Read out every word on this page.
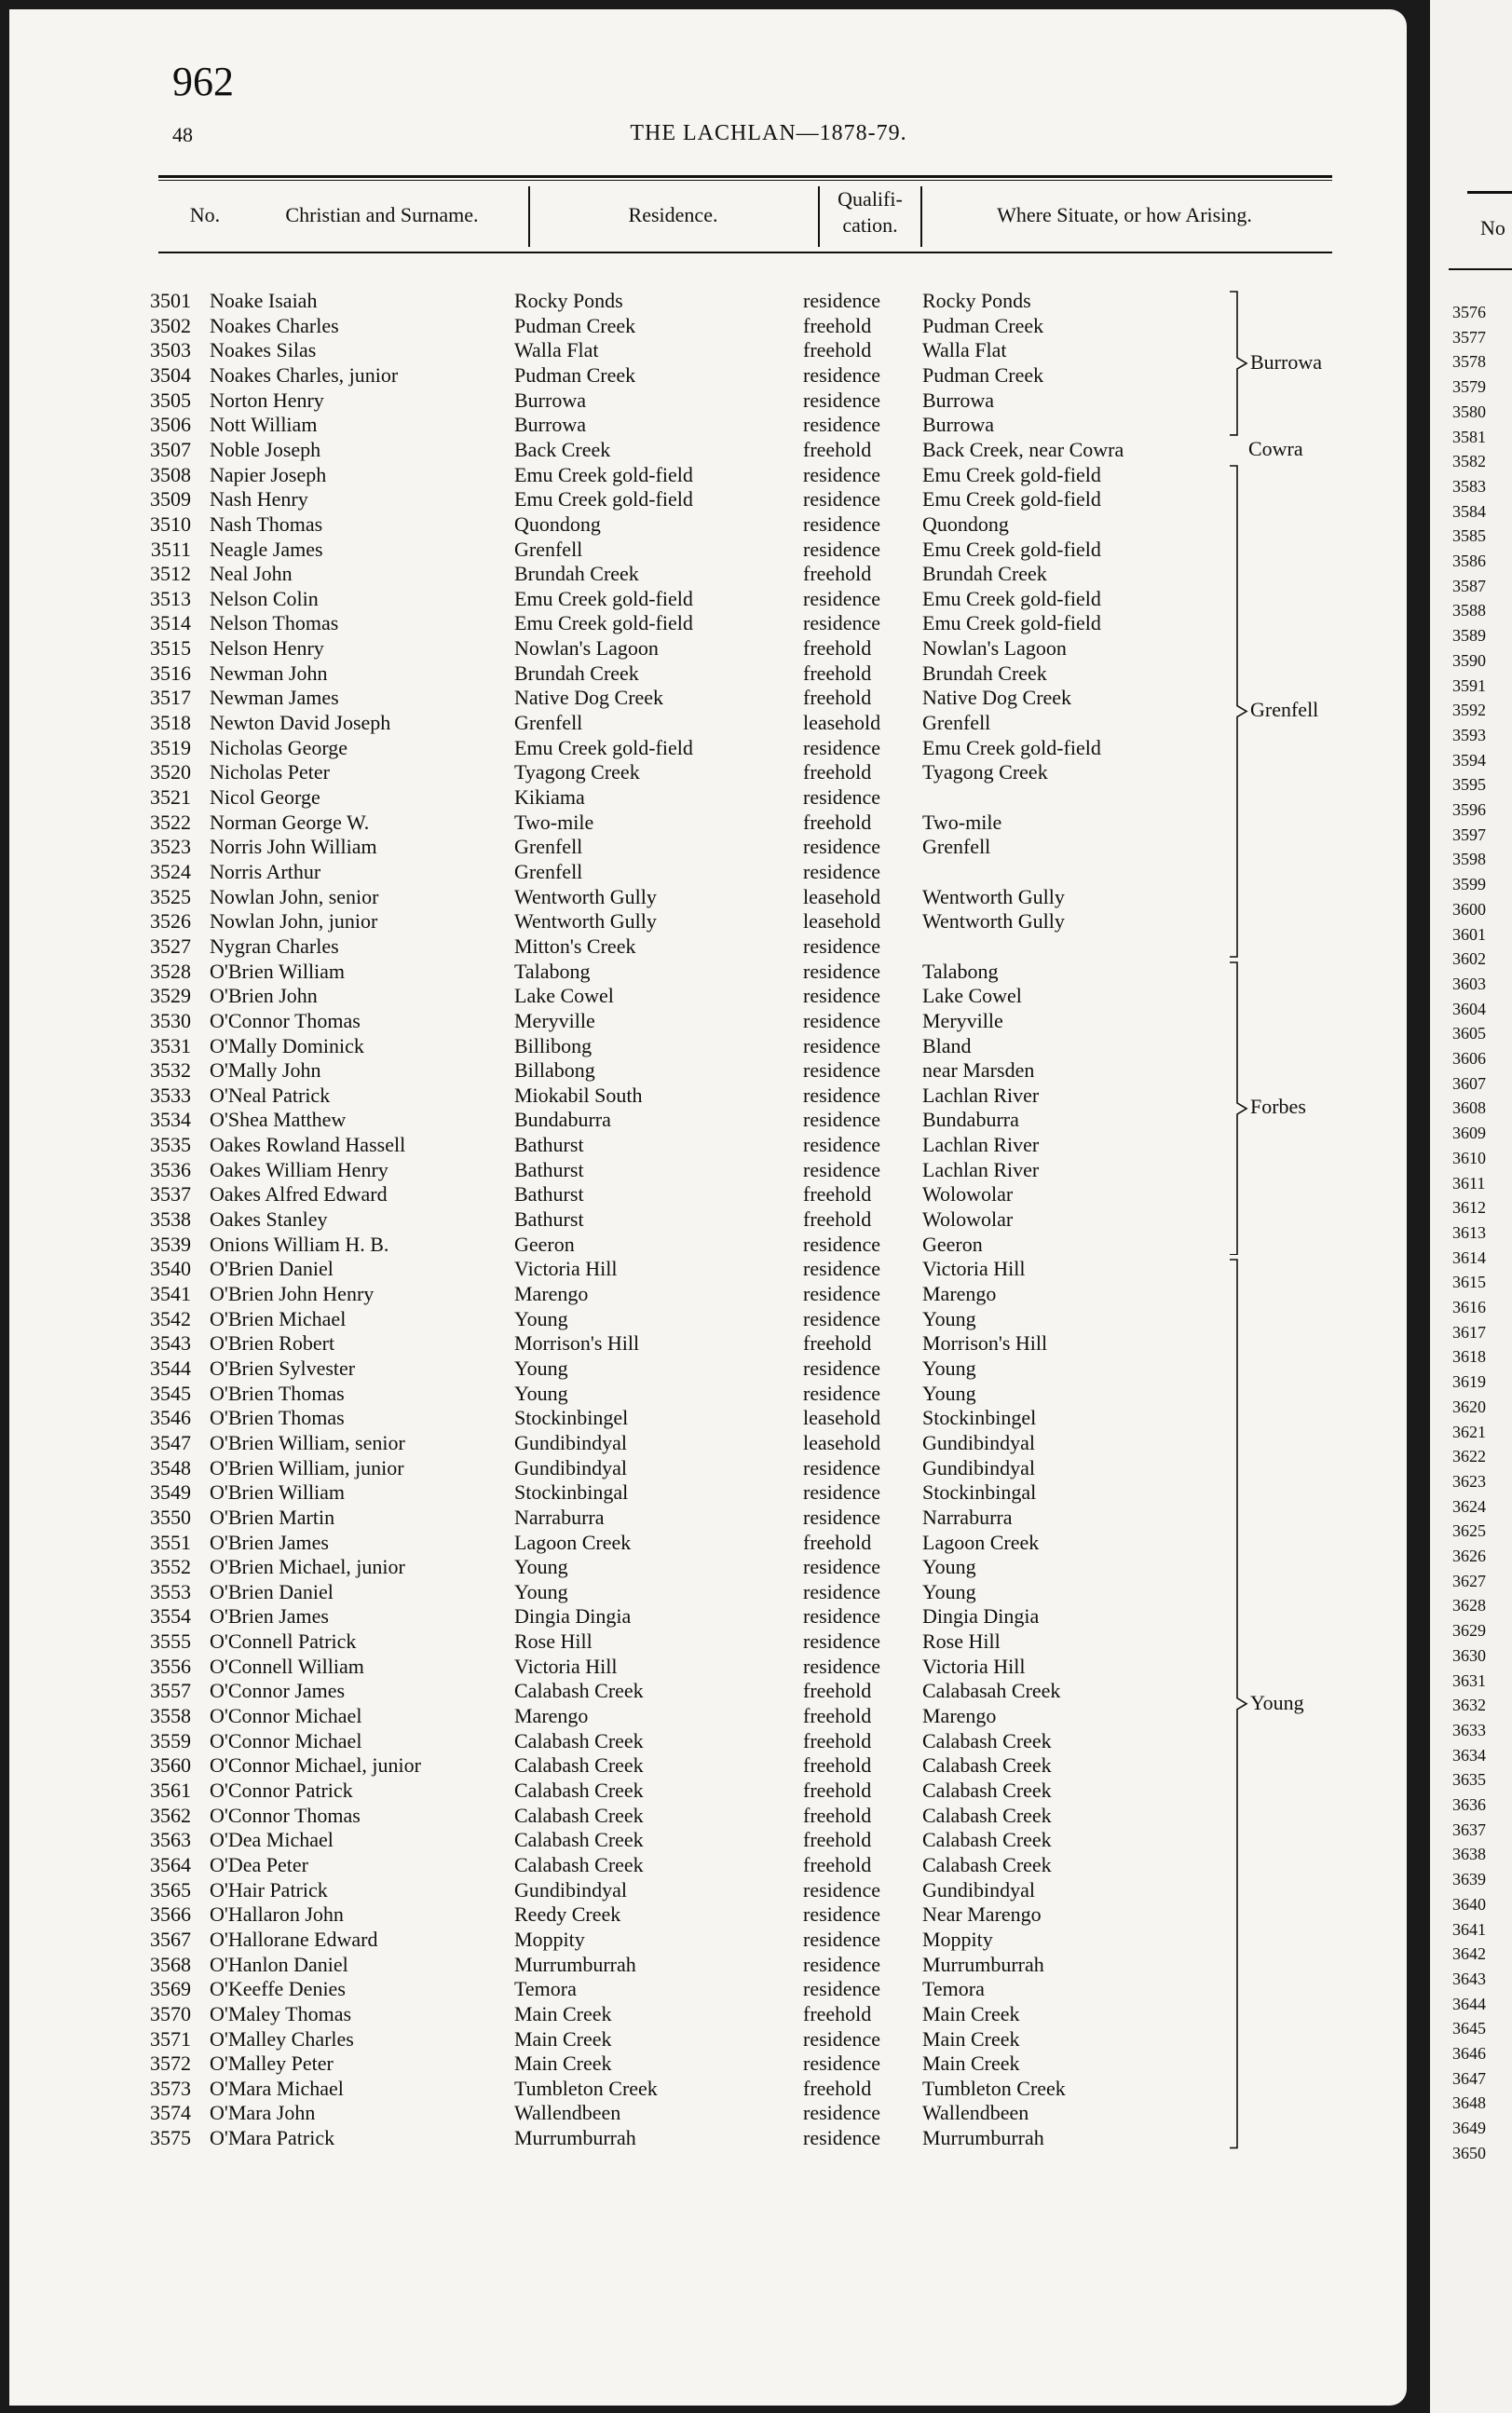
962
48	THE LACHLAN—1878-79.
No.	Christian and Surname.	Residence.
Qualifi-cation.	Where Situate, or how Arising.
3501 Noake Isaiah	Rocky Ponds	residence Rocky Ponds
3502 Noakes Charles	Pudman Creek	freehold Pudman Creek
3503 Noakes Silas	Walla Flat	freehold Walla Flat
3504 Noakes Charles, junior	Pudman Creek	residence Pudman Creek
3505 Norton Henry	Burrowa	residence Burrowa
3506 Nott William	Burrowa	residence Burrowa
3507 Noble Joseph	Back Creek	freehold Back Creek, near Cowra
3508 Napier Joseph	Emu Creek gold-field	residence Emu Creek gold-field
3509 Nash Henry	Emu Creek gold-field	residence Emu Creek gold-field
3510 Nash Thomas	Quondong	residence Quondong
3511 Neagle James	Grenfell	residence Emu Creek gold-field
3512 Neal John	Brundah Creek	freehold Brundah Creek
3513 Nelson Colin	Emu Creek gold-field	residence Emu Creek gold-field
3514 Nelson Thomas	Emu Creek gold-field	residence Emu Creek gold-field
3515 Nelson Henry	Nowlan's Lagoon	freehold Nowlan's Lagoon
3516 Newman John	Brundah Creek	freehold Brundah Creek
3517 Newman James	Native Dog Creek	freehold Native Dog Creek
3518 Newton David Joseph	Grenfell	leasehold Grenfell
3519 Nicholas George	Emu Creek gold-field	residence Emu Creek gold-field
3520 Nicholas Peter	Tyagong Creek	freehold Tyagong Creek
3521 Nicol George	Kikiama	residence
3522 Norman George W.	Two-mile	freehold Two-mile
3523 Norris John William	Grenfell	residence Grenfell
3524 Norris Arthur	Grenfell	residence
3525 Nowlan John, senior	Wentworth Gully	leasehold Wentworth Gully
3526 Nowlan John, junior	Wentworth Gully	leasehold Wentworth Gully
3527 Nygran Charles	Mitton's Creek	residence
3528 O'Brien William	Talabong	residence Talabong
3529 O'Brien John	Lake Cowel	residence Lake Cowel
3530 O'Connor Thomas	Meryville	residence Meryville
3531 O'Mally Dominick	Billibong	residence Bland
3532 O'Mally John	Billabong	residence near Marsden
3533 O'Neal Patrick	Miokabil South	residence Lachlan River
3534 O'Shea Matthew	Bundaburra	residence Bundaburra
3535 Oakes Rowland Hassell	Bathurst	residence Lachlan River
3536 Oakes William Henry	Bathurst	residence Lachlan River
3537 Oakes Alfred Edward	Bathurst	freehold Wolowolar
3538 Oakes Stanley	Bathurst	freehold Wolowolar
3539 Onions William H. B.	Geeron	residence Geeron
3540 O'Brien Daniel	Victoria Hill	residence Victoria Hill
3541 O'Brien John Henry	Marengo	residence Marengo
3542 O'Brien Michael	Young	residence Young
3543 O'Brien Robert	Morrison's Hill	freehold Morrison's Hill
3544 O'Brien Sylvester	Young	residence Young
3545 O'Brien Thomas	Young	residence Young
3546 O'Brien Thomas	Stockinbingel	leasehold Stockinbingel
3547 O'Brien William, senior	Gundibindyal	leasehold Gundibindyal
3548 O'Brien William, junior	Gundibindyal	residence Gundibindyal
3549 O'Brien William	Stockinbingal	residence Stockinbingal
3550 O'Brien Martin	Narraburra	residence Narraburra
3551 O'Brien James	Lagoon Creek	freehold Lagoon Creek
3552 O'Brien Michael, junior	Young	residence Young
3553 O'Brien Daniel	Young	residence Young
3554 O'Brien James	Dingia Dingia	residence Dingia Dingia
3555 O'Connell Patrick	Rose Hill	residence Rose Hill
3556 O'Connell William	Victoria Hill	residence Victoria Hill
3557 O'Connor James	Calabash Creek	freehold Calabasah Creek
3558 O'Connor Michael	Marengo	freehold Marengo
3559 O'Connor Michael	Calabash Creek	freehold Calabash Creek
3560 O'Connor Michael, junior	Calabash Creek	freehold Calabash Creek
3561 O'Connor Patrick	Calabash Creek	freehold Calabash Creek
3562 O'Connor Thomas	Calabash Creek	freehold Calabash Creek
3563 O'Dea Michael	Calabash Creek	freehold Calabash Creek
3564 O'Dea Peter	Calabash Creek	freehold Calabash Creek
3565 O'Hair Patrick	Gundibindyal	residence Gundibindyal
3566 O'Hallaron John	Reedy Creek	residence Near Marengo
3567 O'Hallorane Edward	Moppity	residence Moppity
3568 O'Hanlon Daniel	Murrumburrah	residence Murrumburrah
3569 O'Keeffe Denies	Temora	residence Temora
3570 O'Maley Thomas	Main Creek	freehold Main Creek
3571 O'Malley Charles	Main Creek	residence Main Creek
3572 O'Malley Peter	Main Creek	residence Main Creek
3573 O'Mara Michael	Tumbleton Creek	freehold Tumbleton Creek
3574 O'Mara John	Wallendbeen	residence Wallendbeen
3575 O'Mara Patrick	Murrumburrah	residence Murrumburrah
Burrowa
Cowra
Grenfell
Forbes
Young
No
3576
3577
3578
3579
3580
3581
3582
3583
3584
3585
3586
3587
3588
3589
3590
3591
3592
3593
3594
3595
3596
3597
3598
3599
3600
3601
3602
3603
3604
3605
3606
3607
3608
3609
3610
3611
3612
3613
3614
3615
3616
3617
3618
3619
3620
3621
3622
3623
3624
3625
3626
3627
3628
3629
3630
3631
3632
3633
3634
3635
3636
3637
3638
3639
3640
3641
3642
3643
3644
3645
3646
3647
3648
3649
3650
